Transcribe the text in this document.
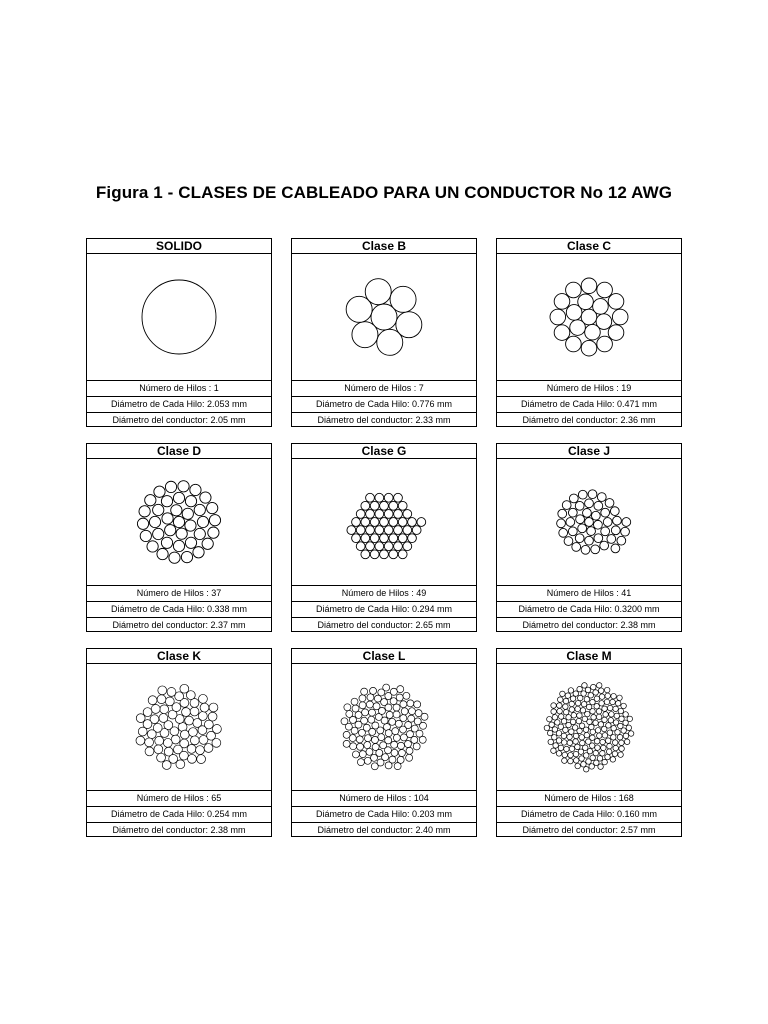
Figura 1 - CLASES DE CABLEADO PARA UN CONDUCTOR No 12 AWG
SOLIDO
Número de Hilos : 1
Diámetro de Cada Hilo: 2.053 mm
Diámetro del conductor: 2.05 mm
Clase B
Número de Hilos : 7
Diámetro de Cada Hilo: 0.776 mm
Diámetro del conductor: 2.33 mm
Clase C
Número de Hilos : 19
Diámetro de Cada Hilo: 0.471 mm
Diámetro del conductor: 2.36 mm
Clase D
Número de Hilos : 37
Diámetro de Cada Hilo: 0.338 mm
Diámetro del conductor: 2.37 mm
Clase G
Número de Hilos : 49
Diámetro de Cada Hilo: 0.294 mm
Diámetro del conductor: 2.65 mm
Clase J
Número de Hilos : 41
Diámetro de Cada Hilo: 0.3200 mm
Diámetro del conductor: 2.38 mm
Clase K
Número de Hilos : 65
Diámetro de Cada Hilo: 0.254 mm
Diámetro del conductor: 2.38 mm
Clase L
Número de Hilos : 104
Diámetro de Cada Hilo: 0.203 mm
Diámetro del conductor: 2.40 mm
Clase M
Número de Hilos : 168
Diámetro de Cada Hilo: 0.160 mm
Diámetro del conductor: 2.57 mm
